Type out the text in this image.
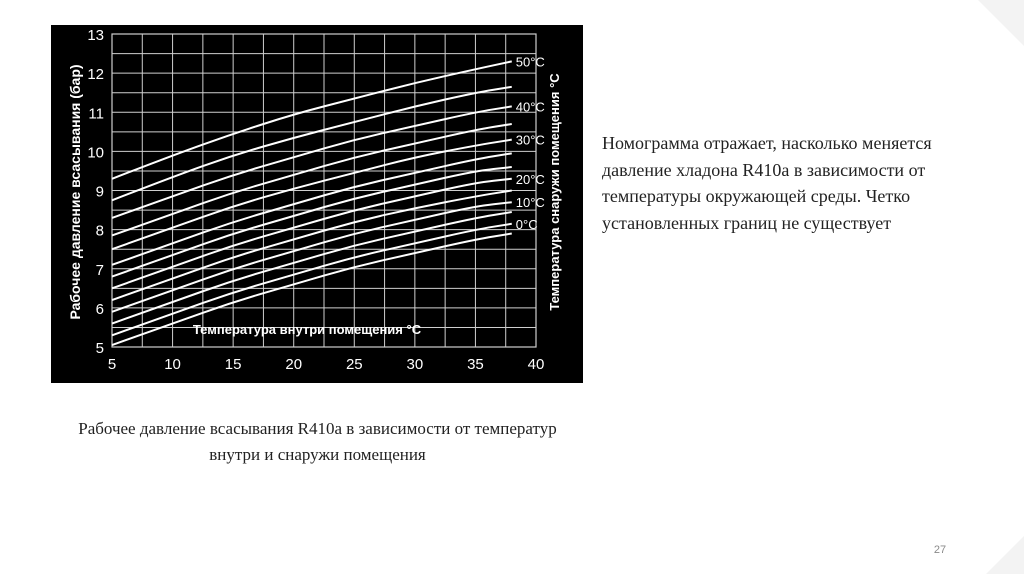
50°C
40°C
30°C
20°C
10°C
0°C
5	10	15	20	25	30	35	40
5
6
7
8
9
10
11
12
13
Температура внутри помещения °C
Рабочее давление всасывания (бар)	Температура снаружи помещения °C Номограмма отражает, насколько меняется давление хладона R410a в зависимости от температуры окружающей среды. Четко установленных границ не существует
Рабочее давление всасывания R410a в зависимости от температур внутри и снаружи помещения
27
